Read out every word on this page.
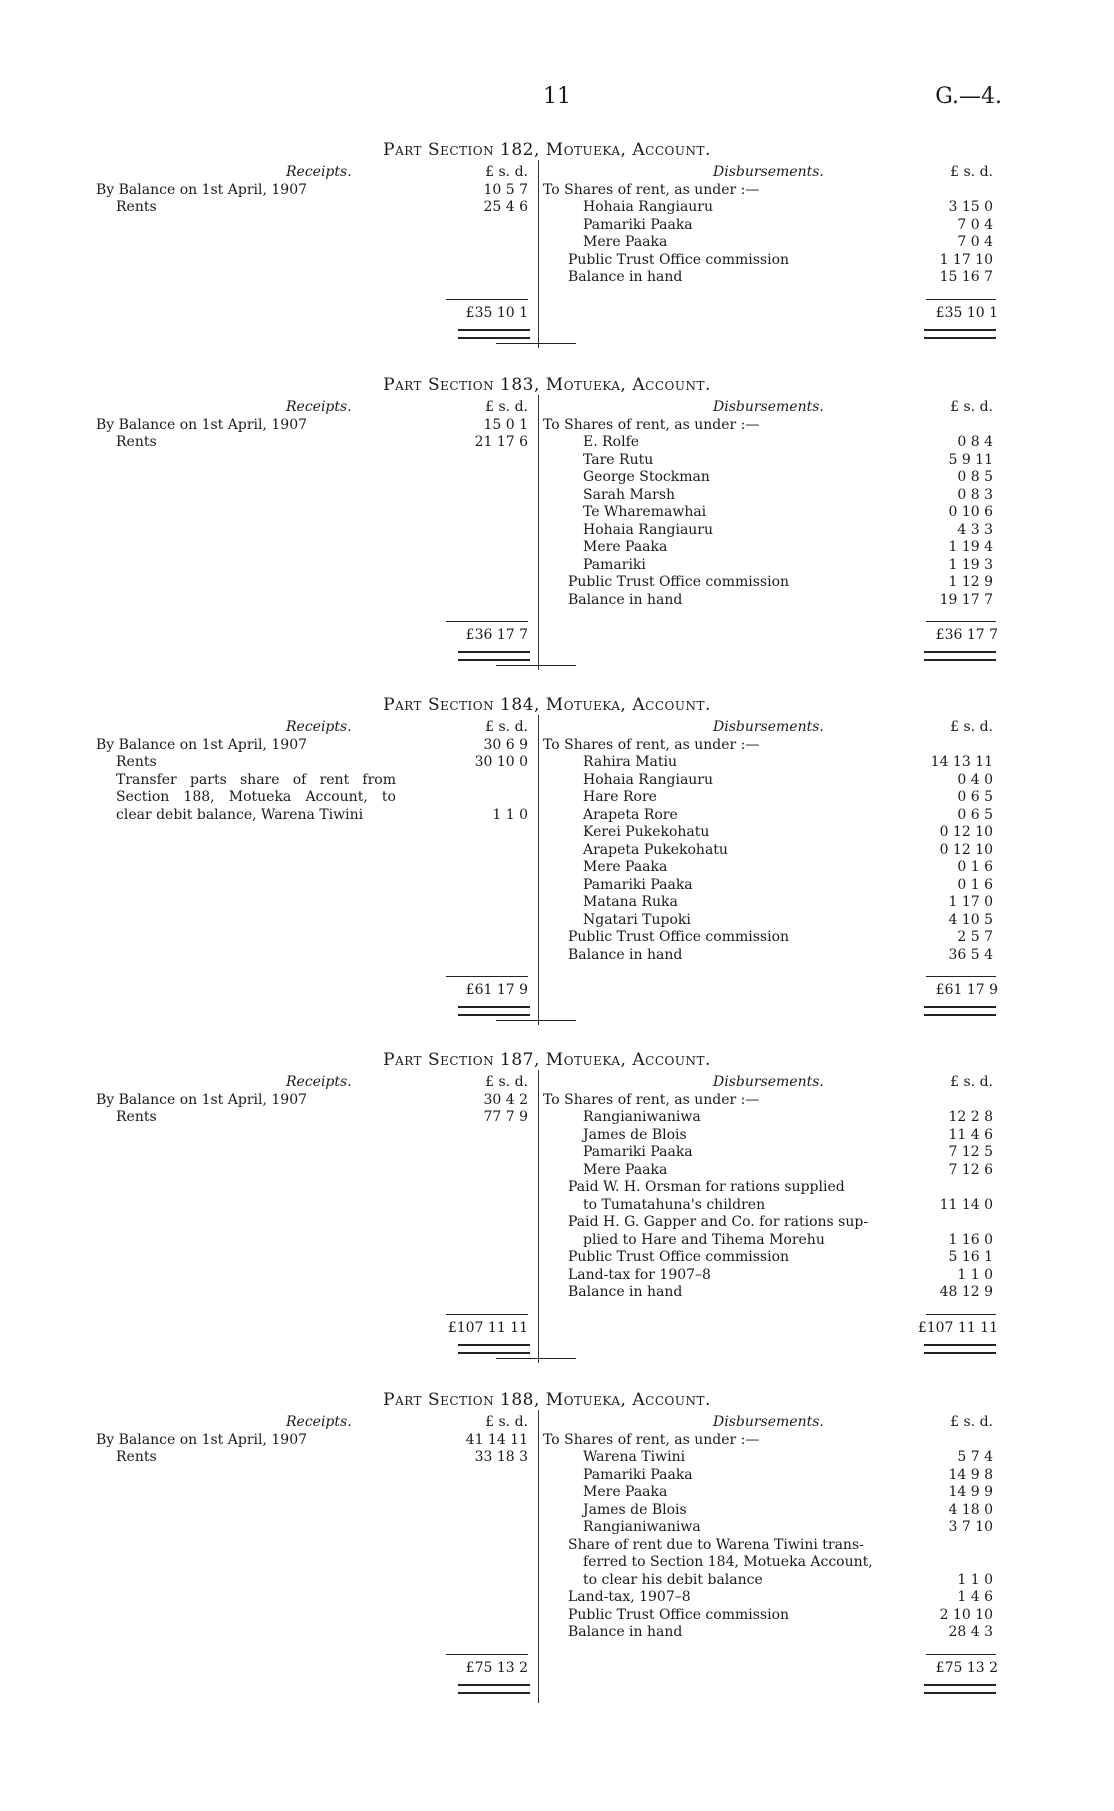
11	G.—4.
Part Section 182, Motueka, Account.
Receipts.	£ s. d.
By Balance on 1st April, 1907	10 5 7
Rents	25 4 6
Disbursements.	£ s. d.
To Shares of rent, as under :—
Hohaia Rangiauru	3 15 0
Pamariki Paaka	7 0 4
Mere Paaka	7 0 4
Public Trust Office commission	1 17 10
Balance in hand	15 16 7
£35 10 1	£35 10 1
Part Section 183, Motueka, Account.
Receipts.	£ s. d.
By Balance on 1st April, 1907	15 0 1
Rents	21 17 6
Disbursements.	£ s. d.
To Shares of rent, as under :—
E. Rolfe	0 8 4
Tare Rutu	5 9 11
George Stockman	0 8 5
Sarah Marsh	0 8 3
Te Wharemawhai	0 10 6
Hohaia Rangiauru	4 3 3
Mere Paaka	1 19 4
Pamariki	1 19 3
Public Trust Office commission	1 12 9
Balance in hand	19 17 7
£36 17 7	£36 17 7
Part Section 184, Motueka, Account.
Receipts.	£ s. d.
By Balance on 1st April, 1907	30 6 9
Rents	30 10 0
Transfer parts share of rent from Section 188, Motueka Account, to clear debit balance, Warena Tiwini	1 1 0
Disbursements.	£ s. d.
To Shares of rent, as under :—
Rahira Matiu	14 13 11
Hohaia Rangiauru	0 4 0
Hare Rore	0 6 5
Arapeta Rore	0 6 5
Kerei Pukekohatu	0 12 10
Arapeta Pukekohatu	0 12 10
Mere Paaka	0 1 6
Pamariki Paaka	0 1 6
Matana Ruka	1 17 0
Ngatari Tupoki	4 10 5
Public Trust Office commission	2 5 7
Balance in hand	36 5 4
£61 17 9	£61 17 9
Part Section 187, Motueka, Account.
Receipts.	£ s. d.
By Balance on 1st April, 1907	30 4 2
Rents	77 7 9
Disbursements.	£ s. d.
To Shares of rent, as under :—
Rangianiwaniwa	12 2 8
James de Blois	11 4 6
Pamariki Paaka	7 12 5
Mere Paaka	7 12 6
Paid W. H. Orsman for rations supplied
to Tumatahuna's children	11 14 0
Paid H. G. Gapper and Co. for rations sup-
plied to Hare and Tihema Morehu	1 16 0
Public Trust Office commission	5 16 1
Land-tax for 1907–8	1 1 0
Balance in hand	48 12 9
£107 11 11	£107 11 11
Part Section 188, Motueka, Account.
Receipts.	£ s. d.
By Balance on 1st April, 1907	41 14 11
Rents	33 18 3
Disbursements.	£ s. d.
To Shares of rent, as under :—
Warena Tiwini	5 7 4
Pamariki Paaka	14 9 8
Mere Paaka	14 9 9
James de Blois	4 18 0
Rangianiwaniwa	3 7 10
Share of rent due to Warena Tiwini trans-
ferred to Section 184, Motueka Account,
to clear his debit balance	1 1 0
Land-tax, 1907–8	1 4 6
Public Trust Office commission	2 10 10
Balance in hand	28 4 3
£75 13 2	£75 13 2
